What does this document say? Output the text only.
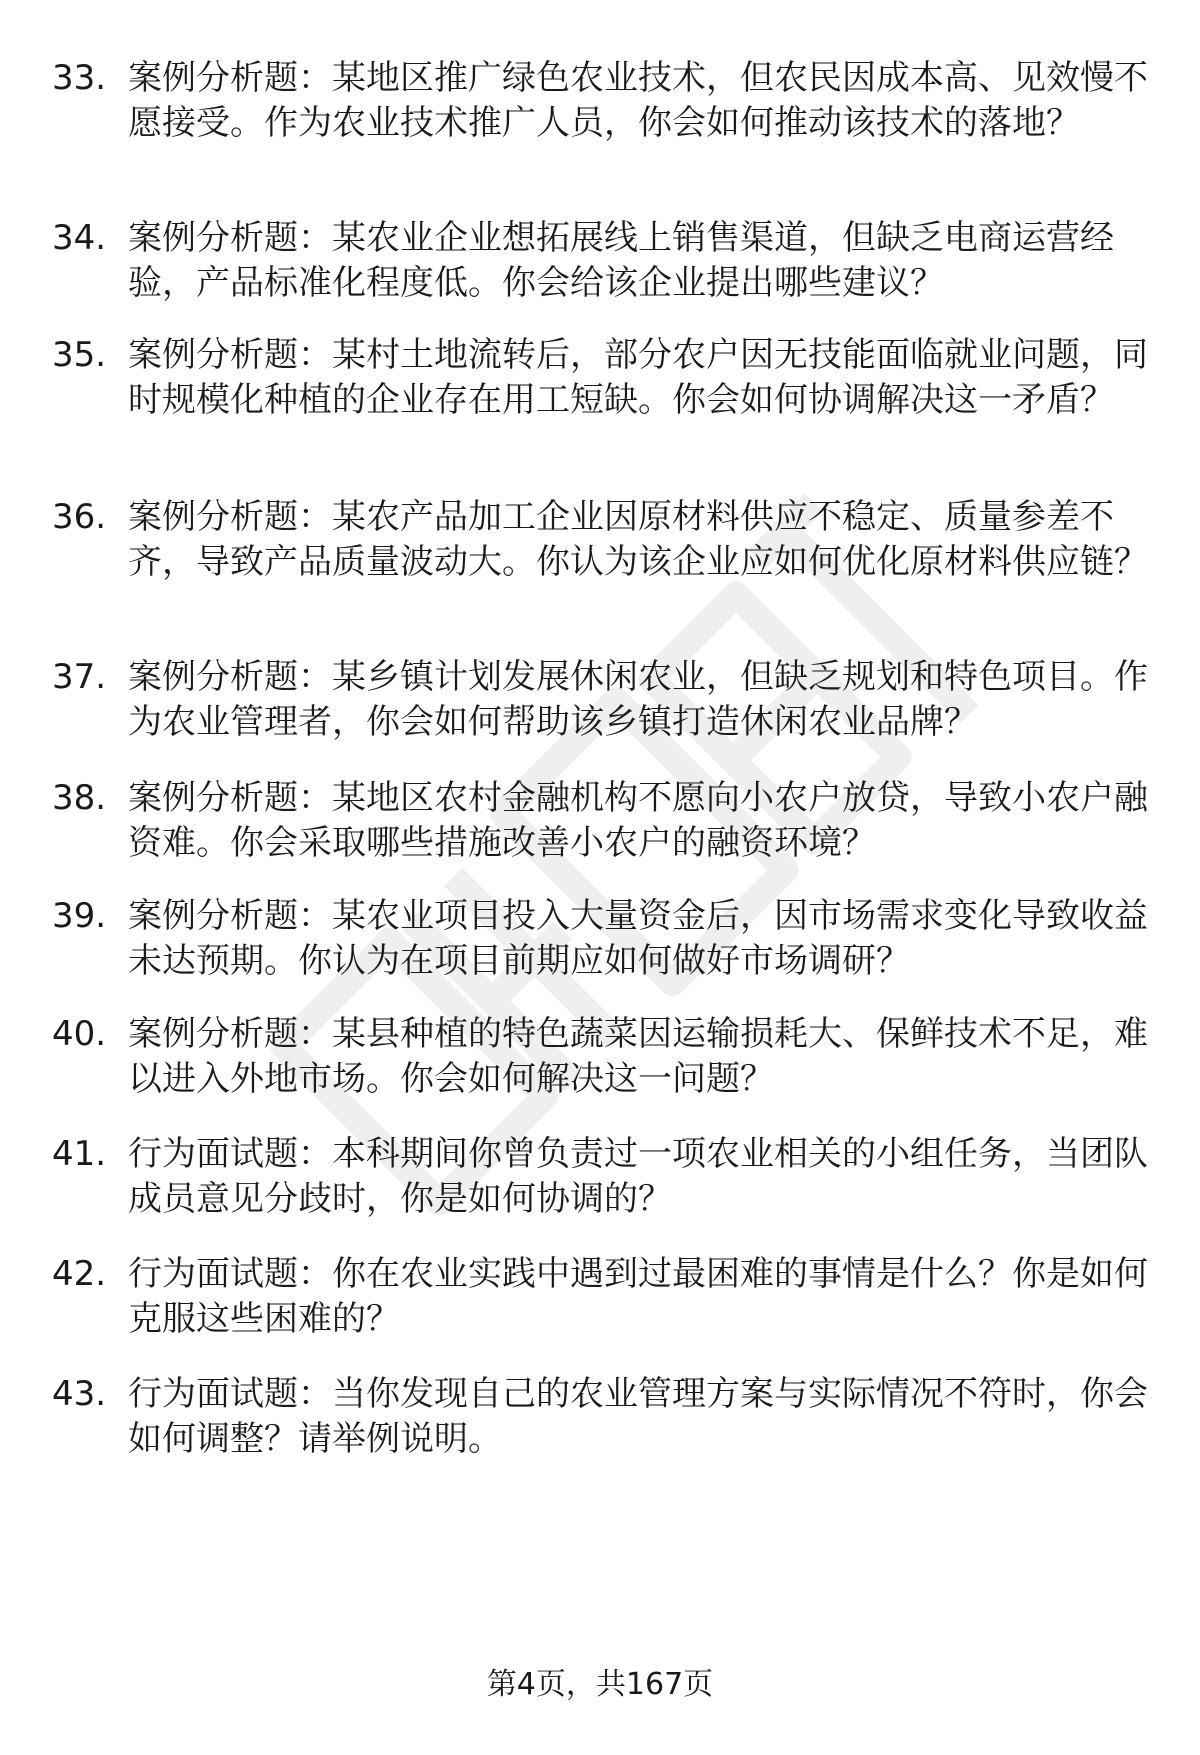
33. 案例分析题：某地区推广绿色农业技术，但农民因成本高、见效慢不愿接受。作为农业技术推广人员，你会如何推动该技术的落地？
34. 案例分析题：某农业企业想拓展线上销售渠道，但缺乏电商运营经验，产品标准化程度低。你会给该企业提出哪些建议？
35. 案例分析题：某村土地流转后，部分农户因无技能面临就业问题，同时规模化种植的企业存在用工短缺。你会如何协调解决这一矛盾？
36. 案例分析题：某农产品加工企业因原材料供应不稳定、质量参差不齐，导致产品质量波动大。你认为该企业应如何优化原材料供应链？
37. 案例分析题：某乡镇计划发展休闲农业，但缺乏规划和特色项目。作为农业管理者，你会如何帮助该乡镇打造休闲农业品牌？
38. 案例分析题：某地区农村金融机构不愿向小农户放贷，导致小农户融资难。你会采取哪些措施改善小农户的融资环境？
39. 案例分析题：某农业项目投入大量资金后，因市场需求变化导致收益未达预期。你认为在项目前期应如何做好市场调研？
40. 案例分析题：某县种植的特色蔬菜因运输损耗大、保鲜技术不足，难以进入外地市场。你会如何解决这一问题？
41. 行为面试题：本科期间你曾负责过一项农业相关的小组任务，当团队成员意见分歧时，你是如何协调的？
42. 行为面试题：你在农业实践中遇到过最困难的事情是什么？你是如何克服这些困难的？
43. 行为面试题：当你发现自己的农业管理方案与实际情况不符时，你会如何调整？请举例说明。
第4页，共167页
